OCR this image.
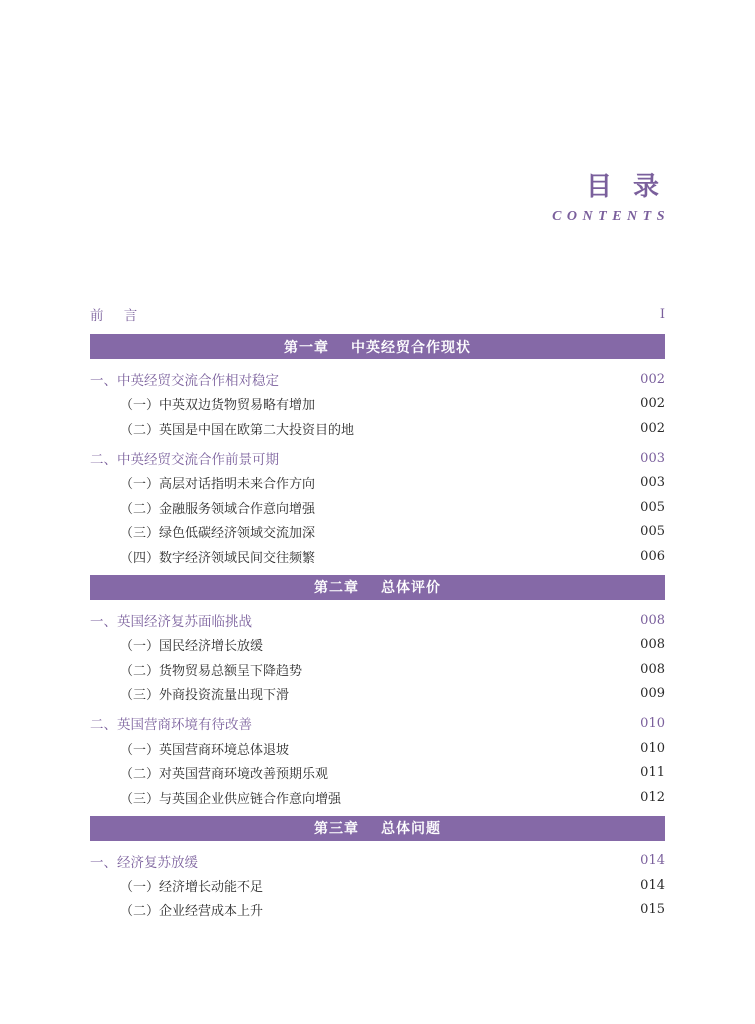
目 录
CONTENTS
前 言	I
第一章 中英经贸合作现状
一、中英经贸交流合作相对稳定	002
（一）中英双边货物贸易略有增加	002
（二）英国是中国在欧第二大投资目的地	002
二、中英经贸交流合作前景可期	003
（一）高层对话指明未来合作方向	003
（二）金融服务领域合作意向增强	005
（三）绿色低碳经济领域交流加深	005
（四）数字经济领域民间交往频繁	006
第二章 总体评价
一、英国经济复苏面临挑战	008
（一）国民经济增长放缓	008
（二）货物贸易总额呈下降趋势	008
（三）外商投资流量出现下滑	009
二、英国营商环境有待改善	010
（一）英国营商环境总体退坡	010
（二）对英国营商环境改善预期乐观	011
（三）与英国企业供应链合作意向增强	012
第三章 总体问题
一、经济复苏放缓	014
（一）经济增长动能不足	014
（二）企业经营成本上升	015
